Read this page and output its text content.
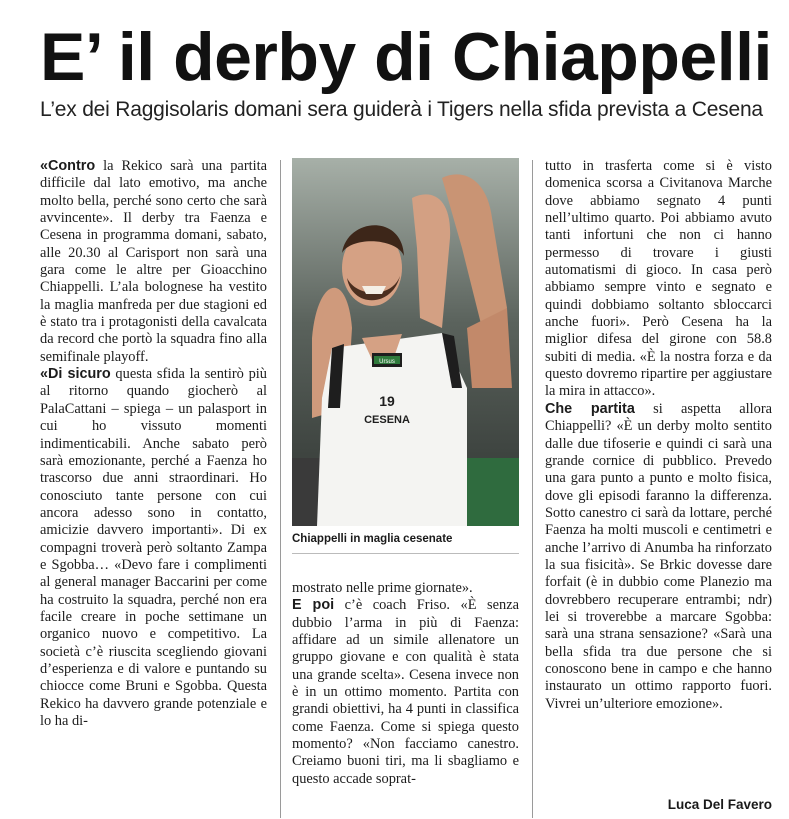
E’ il derby di Chiappelli
L’ex dei Raggisolaris domani sera guiderà i Tigers nella sfida prevista a Cesena

«Contro la Rekico sarà una partita difficile dal lato emotivo, ma anche molto bella, perché sono certo che sarà avvincente». Il derby tra Faenza e Cesena in programma domani, sabato, alle 20.30 al Carisport non sarà una gara come le altre per Gioacchino Chiappelli. L’ala bolognese ha vestito la maglia manfreda per due stagioni ed è stato tra i protagonisti della cavalcata da record che portò la squadra fino alla semifinale playoff.

«Di sicuro questa sfida la sentirò più al ritorno quando giocherò al PalaCattani – spiega – un palasport in cui ho vissuto momenti indimenticabili. Anche sabato però sarà emozionante, perché a Faenza ho trascorso due anni straordinari. Ho conosciuto tante persone con cui ancora adesso sono in contatto, amicizie davvero importanti». Di ex compagni troverà però soltanto Zampa e Sgobba… «Devo fare i complimenti al general manager Baccarini per come ha costruito la squadra, perché non era facile creare in poche settimane un organico nuovo e competitivo. La società c’è riuscita scegliendo giovani d’esperienza e di valore e puntando su chiocce come Bruni e Sgobba. Questa Rekico ha davvero grande potenziale e lo ha di-

Ursus
19
CESENA
Chiappelli in maglia cesenate

mostrato nelle prime giornate».

E poi c’è coach Friso. «È senza dubbio l’arma in più di Faenza: affidare ad un simile allenatore un gruppo giovane e con qualità è stata una grande scelta». Cesena invece non è in un ottimo momento. Partita con grandi obiettivi, ha 4 punti in classifica come Faenza. Come si spiega questo momento? «Non facciamo canestro. Creiamo buoni tiri, ma li sbagliamo e questo accade soprat-

tutto in trasferta come si è visto domenica scorsa a Civitanova Marche dove abbiamo segnato 4 punti nell’ultimo quarto. Poi abbiamo avuto tanti infortuni che non ci hanno permesso di trovare i giusti automatismi di gioco. In casa però abbiamo sempre vinto e segnato e quindi dobbiamo soltanto sbloccarci anche fuori». Però Cesena ha la miglior difesa del girone con 58.8 subiti di media. «È la nostra forza e da questo dovremo ripartire per aggiustare la mira in attacco».

Che partita si aspetta allora Chiappelli? «È un derby molto sentito dalle due tifoserie e quindi ci sarà una grande cornice di pubblico. Prevedo una gara punto a punto e molto fisica, dove gli episodi faranno la differenza. Sotto canestro ci sarà da lottare, perché Faenza ha molti muscoli e centimetri e anche l’arrivo di Anumba ha rinforzato la sua fisicità». Se Brkic dovesse dare forfait (è in dubbio come Planezio ma dovrebbero recuperare entrambi; ndr) lei si troverebbe a marcare Sgobba: sarà una strana sensazione? «Sarà una bella sfida tra due persone che si conoscono bene in campo e che hanno instaurato un ottimo rapporto fuori. Vivrei un’ulteriore emozione».

Luca Del Favero
